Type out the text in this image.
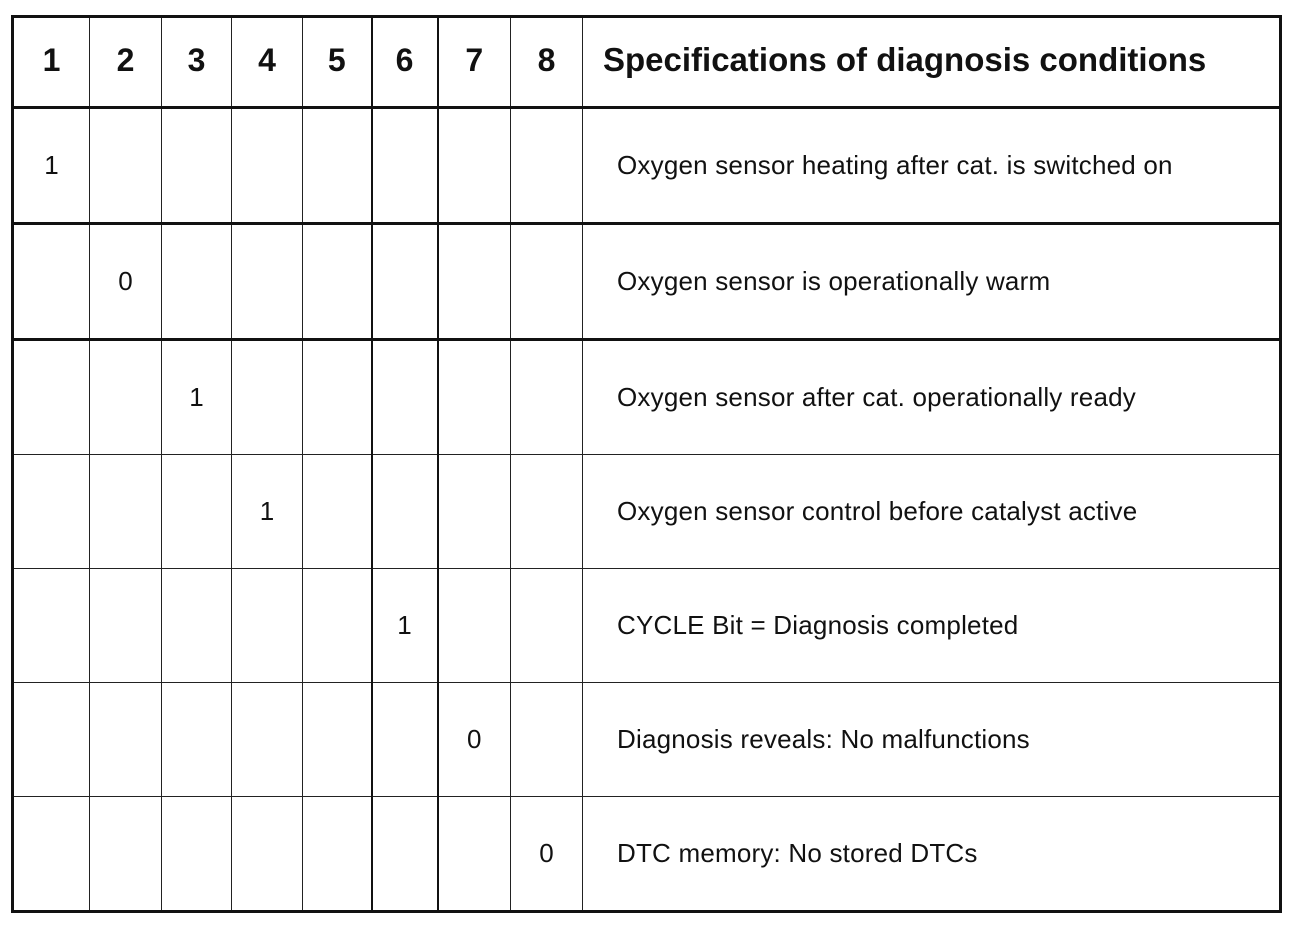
1	2	3	4	5	6	7	8	Specifications of diagnosis conditions
1								Oxygen sensor heating after cat. is switched on
	0							Oxygen sensor is operationally warm
		1						Oxygen sensor after cat. operationally ready
			1					Oxygen sensor control before catalyst active
					1			CYCLE Bit = Diagnosis completed
						0		Diagnosis reveals: No malfunctions
							0	DTC memory: No stored DTCs
